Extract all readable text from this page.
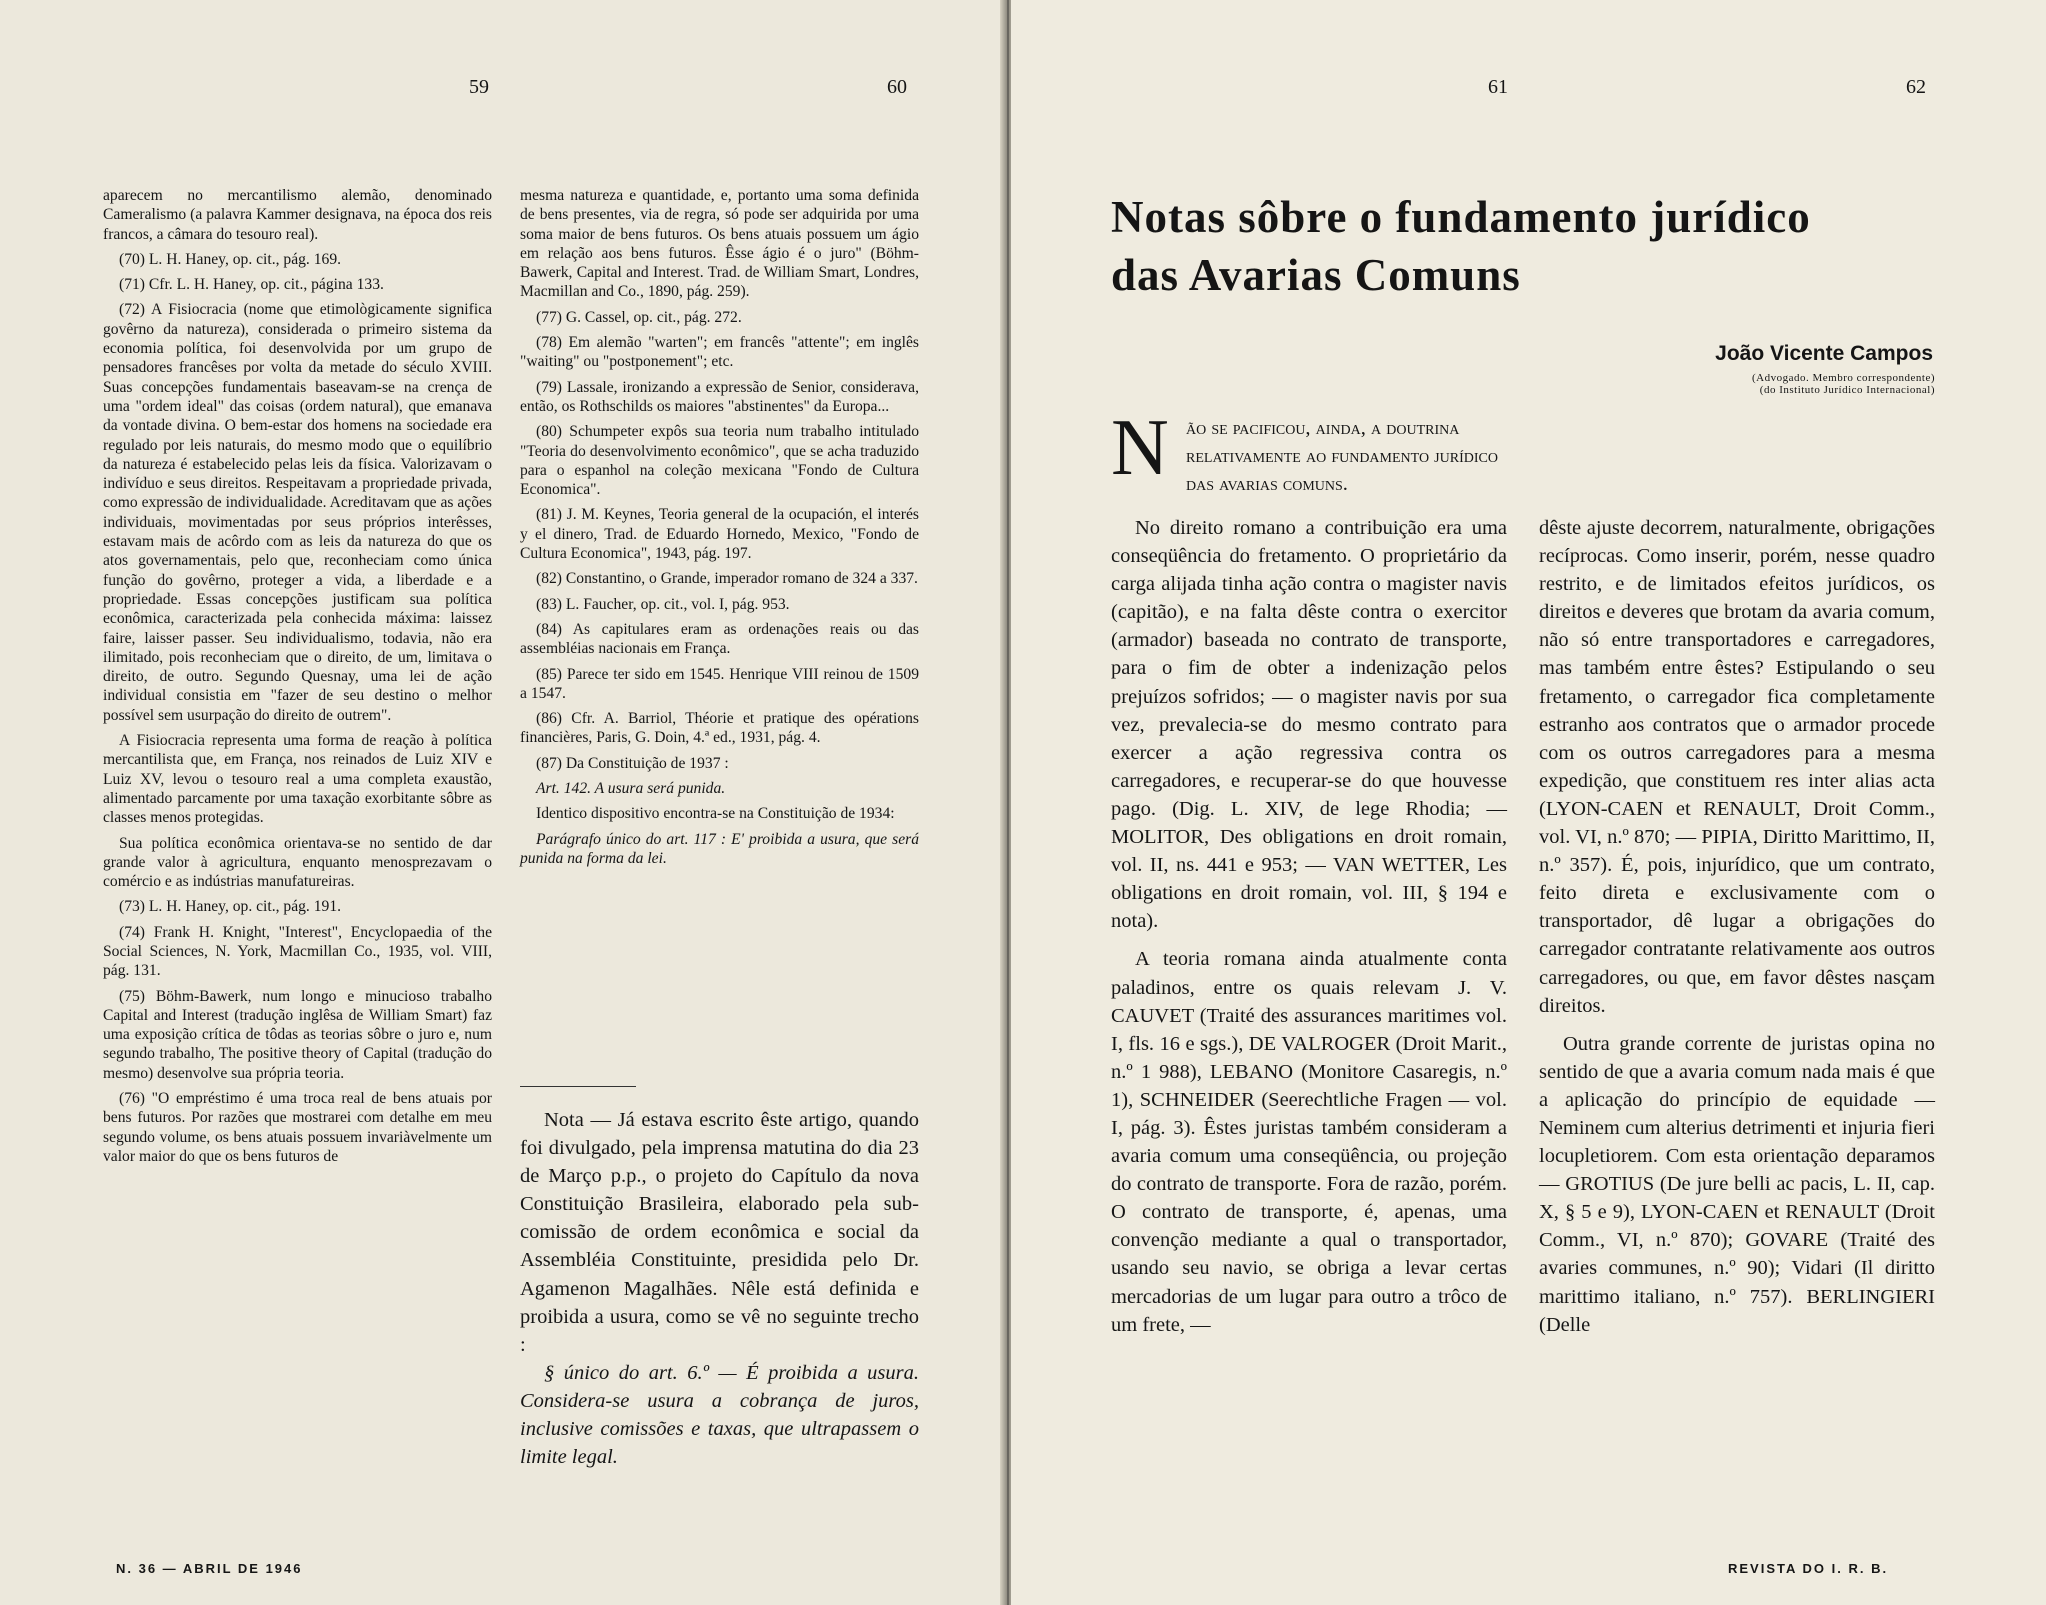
59	60

aparecem no mercantilismo alemão, denominado Cameralismo (a palavra Kammer designava, na época dos reis francos, a câmara do tesouro real).

(70) L. H. Haney, op. cit., pág. 169.

(71) Cfr. L. H. Haney, op. cit., página 133.

(72) A Fisiocracia (nome que etimològicamente significa govêrno da natureza), considerada o primeiro sistema da economia política, foi desenvolvida por um grupo de pensadores francêses por volta da metade do século XVIII. Suas concepções fundamentais baseavam-se na crença de uma "ordem ideal" das coisas (ordem natural), que emanava da vontade divina. O bem-estar dos homens na sociedade era regulado por leis naturais, do mesmo modo que o equilíbrio da natureza é estabelecido pelas leis da física. Valorizavam o indivíduo e seus direitos. Respeitavam a propriedade privada, como expressão de individualidade. Acreditavam que as ações individuais, movimentadas por seus próprios interêsses, estavam mais de acôrdo com as leis da natureza do que os atos governamentais, pelo que, reconheciam como única função do govêrno, proteger a vida, a liberdade e a propriedade. Essas concepções justificam sua política econômica, caracterizada pela conhecida máxima: laissez faire, laisser passer. Seu individualismo, todavia, não era ilimitado, pois reconheciam que o direito, de um, limitava o direito, de outro. Segundo Quesnay, uma lei de ação individual consistia em "fazer de seu destino o melhor possível sem usurpação do direito de outrem".

A Fisiocracia representa uma forma de reação à política mercantilista que, em França, nos reinados de Luiz XIV e Luiz XV, levou o tesouro real a uma completa exaustão, alimentado parcamente por uma taxação exorbitante sôbre as classes menos protegidas.

Sua política econômica orientava-se no sentido de dar grande valor à agricultura, enquanto menosprezavam o comércio e as indústrias manufatureiras.

(73) L. H. Haney, op. cit., pág. 191.

(74) Frank H. Knight, "Interest", Encyclopaedia of the Social Sciences, N. York, Macmillan Co., 1935, vol. VIII, pág. 131.

(75) Böhm-Bawerk, num longo e minucioso trabalho Capital and Interest (tradução inglêsa de William Smart) faz uma exposição crítica de tôdas as teorias sôbre o juro e, num segundo trabalho, The positive theory of Capital (tradução do mesmo) desenvolve sua própria teoria.

(76) "O empréstimo é uma troca real de bens atuais por bens futuros. Por razões que mostrarei com detalhe em meu segundo volume, os bens atuais possuem invariàvelmente um valor maior do que os bens futuros de

mesma natureza e quantidade, e, portanto uma soma definida de bens presentes, via de regra, só pode ser adquirida por uma soma maior de bens futuros. Os bens atuais possuem um ágio em relação aos bens futuros. Êsse ágio é o juro" (Böhm-Bawerk, Capital and Interest. Trad. de William Smart, Londres, Macmillan and Co., 1890, pág. 259).

(77) G. Cassel, op. cit., pág. 272.

(78) Em alemão "warten"; em francês "attente"; em inglês "waiting" ou "postponement"; etc.

(79) Lassale, ironizando a expressão de Senior, considerava, então, os Rothschilds os maiores "abstinentes" da Europa...

(80) Schumpeter expôs sua teoria num trabalho intitulado "Teoria do desenvolvimento econômico", que se acha traduzido para o espanhol na coleção mexicana "Fondo de Cultura Economica".

(81) J. M. Keynes, Teoria general de la ocupación, el interés y el dinero, Trad. de Eduardo Hornedo, Mexico, "Fondo de Cultura Economica", 1943, pág. 197.

(82) Constantino, o Grande, imperador romano de 324 a 337.

(83) L. Faucher, op. cit., vol. I, pág. 953.

(84) As capitulares eram as ordenações reais ou das assembléias nacionais em França.

(85) Parece ter sido em 1545. Henrique VIII reinou de 1509 a 1547.

(86) Cfr. A. Barriol, Théorie et pratique des opérations financières, Paris, G. Doin, 4.ª ed., 1931, pág. 4.

(87) Da Constituição de 1937 :

Art. 142. A usura será punida.

Identico dispositivo encontra-se na Constituição de 1934:

Parágrafo único do art. 117 : E' proibida a usura, que será punida na forma da lei.

Nota — Já estava escrito êste artigo, quando foi divulgado, pela imprensa matutina do dia 23 de Março p.p., o projeto do Capítulo da nova Constituição Brasileira, elaborado pela sub-comissão de ordem econômica e social da Assembléia Constituinte, presidida pelo Dr. Agamenon Magalhães. Nêle está definida e proibida a usura, como se vê no seguinte trecho :

§ único do art. 6.º — É proibida a usura. Considera-se usura a cobrança de juros, inclusive comissões e taxas, que ultrapassem o limite legal.

N. 36 — ABRIL DE 1946
61	62
Notas sôbre o fundamento jurídico
das Avarias Comuns
João Vicente Campos
(Advogado. Membro correspondente)
(do Instituto Jurídico Internacional)
N ão se pacificou, ainda, a doutrina relativamente ao fundamento jurídico das avarias comuns.

No direito romano a contribuição era uma conseqüência do fretamento. O proprietário da carga alijada tinha ação contra o magister navis (capitão), e na falta dêste contra o exercitor (armador) baseada no contrato de transporte, para o fim de obter a indenização pelos prejuízos sofridos; — o magister navis por sua vez, prevalecia-se do mesmo contrato para exercer a ação regressiva contra os carregadores, e recuperar-se do que houvesse pago. (Dig. L. XIV, de lege Rhodia; — MOLITOR, Des obligations en droit romain, vol. II, ns. 441 e 953; — VAN WETTER, Les obligations en droit romain, vol. III, § 194 e nota).

A teoria romana ainda atualmente conta paladinos, entre os quais relevam J. V. CAUVET (Traité des assurances maritimes vol. I, fls. 16 e sgs.), DE VALROGER (Droit Marit., n.º 1 988), LEBANO (Monitore Casaregis, n.º 1), SCHNEIDER (Seerechtliche Fragen — vol. I, pág. 3). Êstes juristas também consideram a avaria comum uma conseqüência, ou projeção do contrato de transporte. Fora de razão, porém. O contrato de transporte, é, apenas, uma convenção mediante a qual o transportador, usando seu navio, se obriga a levar certas mercadorias de um lugar para outro a trôco de um frete, —

dêste ajuste decorrem, naturalmente, obrigações recíprocas. Como inserir, porém, nesse quadro restrito, e de limitados efeitos jurídicos, os direitos e deveres que brotam da avaria comum, não só entre transportadores e carregadores, mas também entre êstes? Estipulando o seu fretamento, o carregador fica completamente estranho aos contratos que o armador procede com os outros carregadores para a mesma expedição, que constituem res inter alias acta (LYON-CAEN et RENAULT, Droit Comm., vol. VI, n.º 870; — PIPIA, Diritto Marittimo, II, n.º 357). É, pois, injurídico, que um contrato, feito direta e exclusivamente com o transportador, dê lugar a obrigações do carregador contratante relativamente aos outros carregadores, ou que, em favor dêstes nasçam direitos.

Outra grande corrente de juristas opina no sentido de que a avaria comum nada mais é que a aplicação do princípio de equidade — Neminem cum alterius detrimenti et injuria fieri locupletiorem. Com esta orientação deparamos — GROTIUS (De jure belli ac pacis, L. II, cap. X, § 5 e 9), LYON-CAEN et RENAULT (Droit Comm., VI, n.º 870); GOVARE (Traité des avaries communes, n.º 90); Vidari (Il diritto marittimo italiano, n.º 757). BERLINGIERI (Delle

REVISTA DO I. R. B.
